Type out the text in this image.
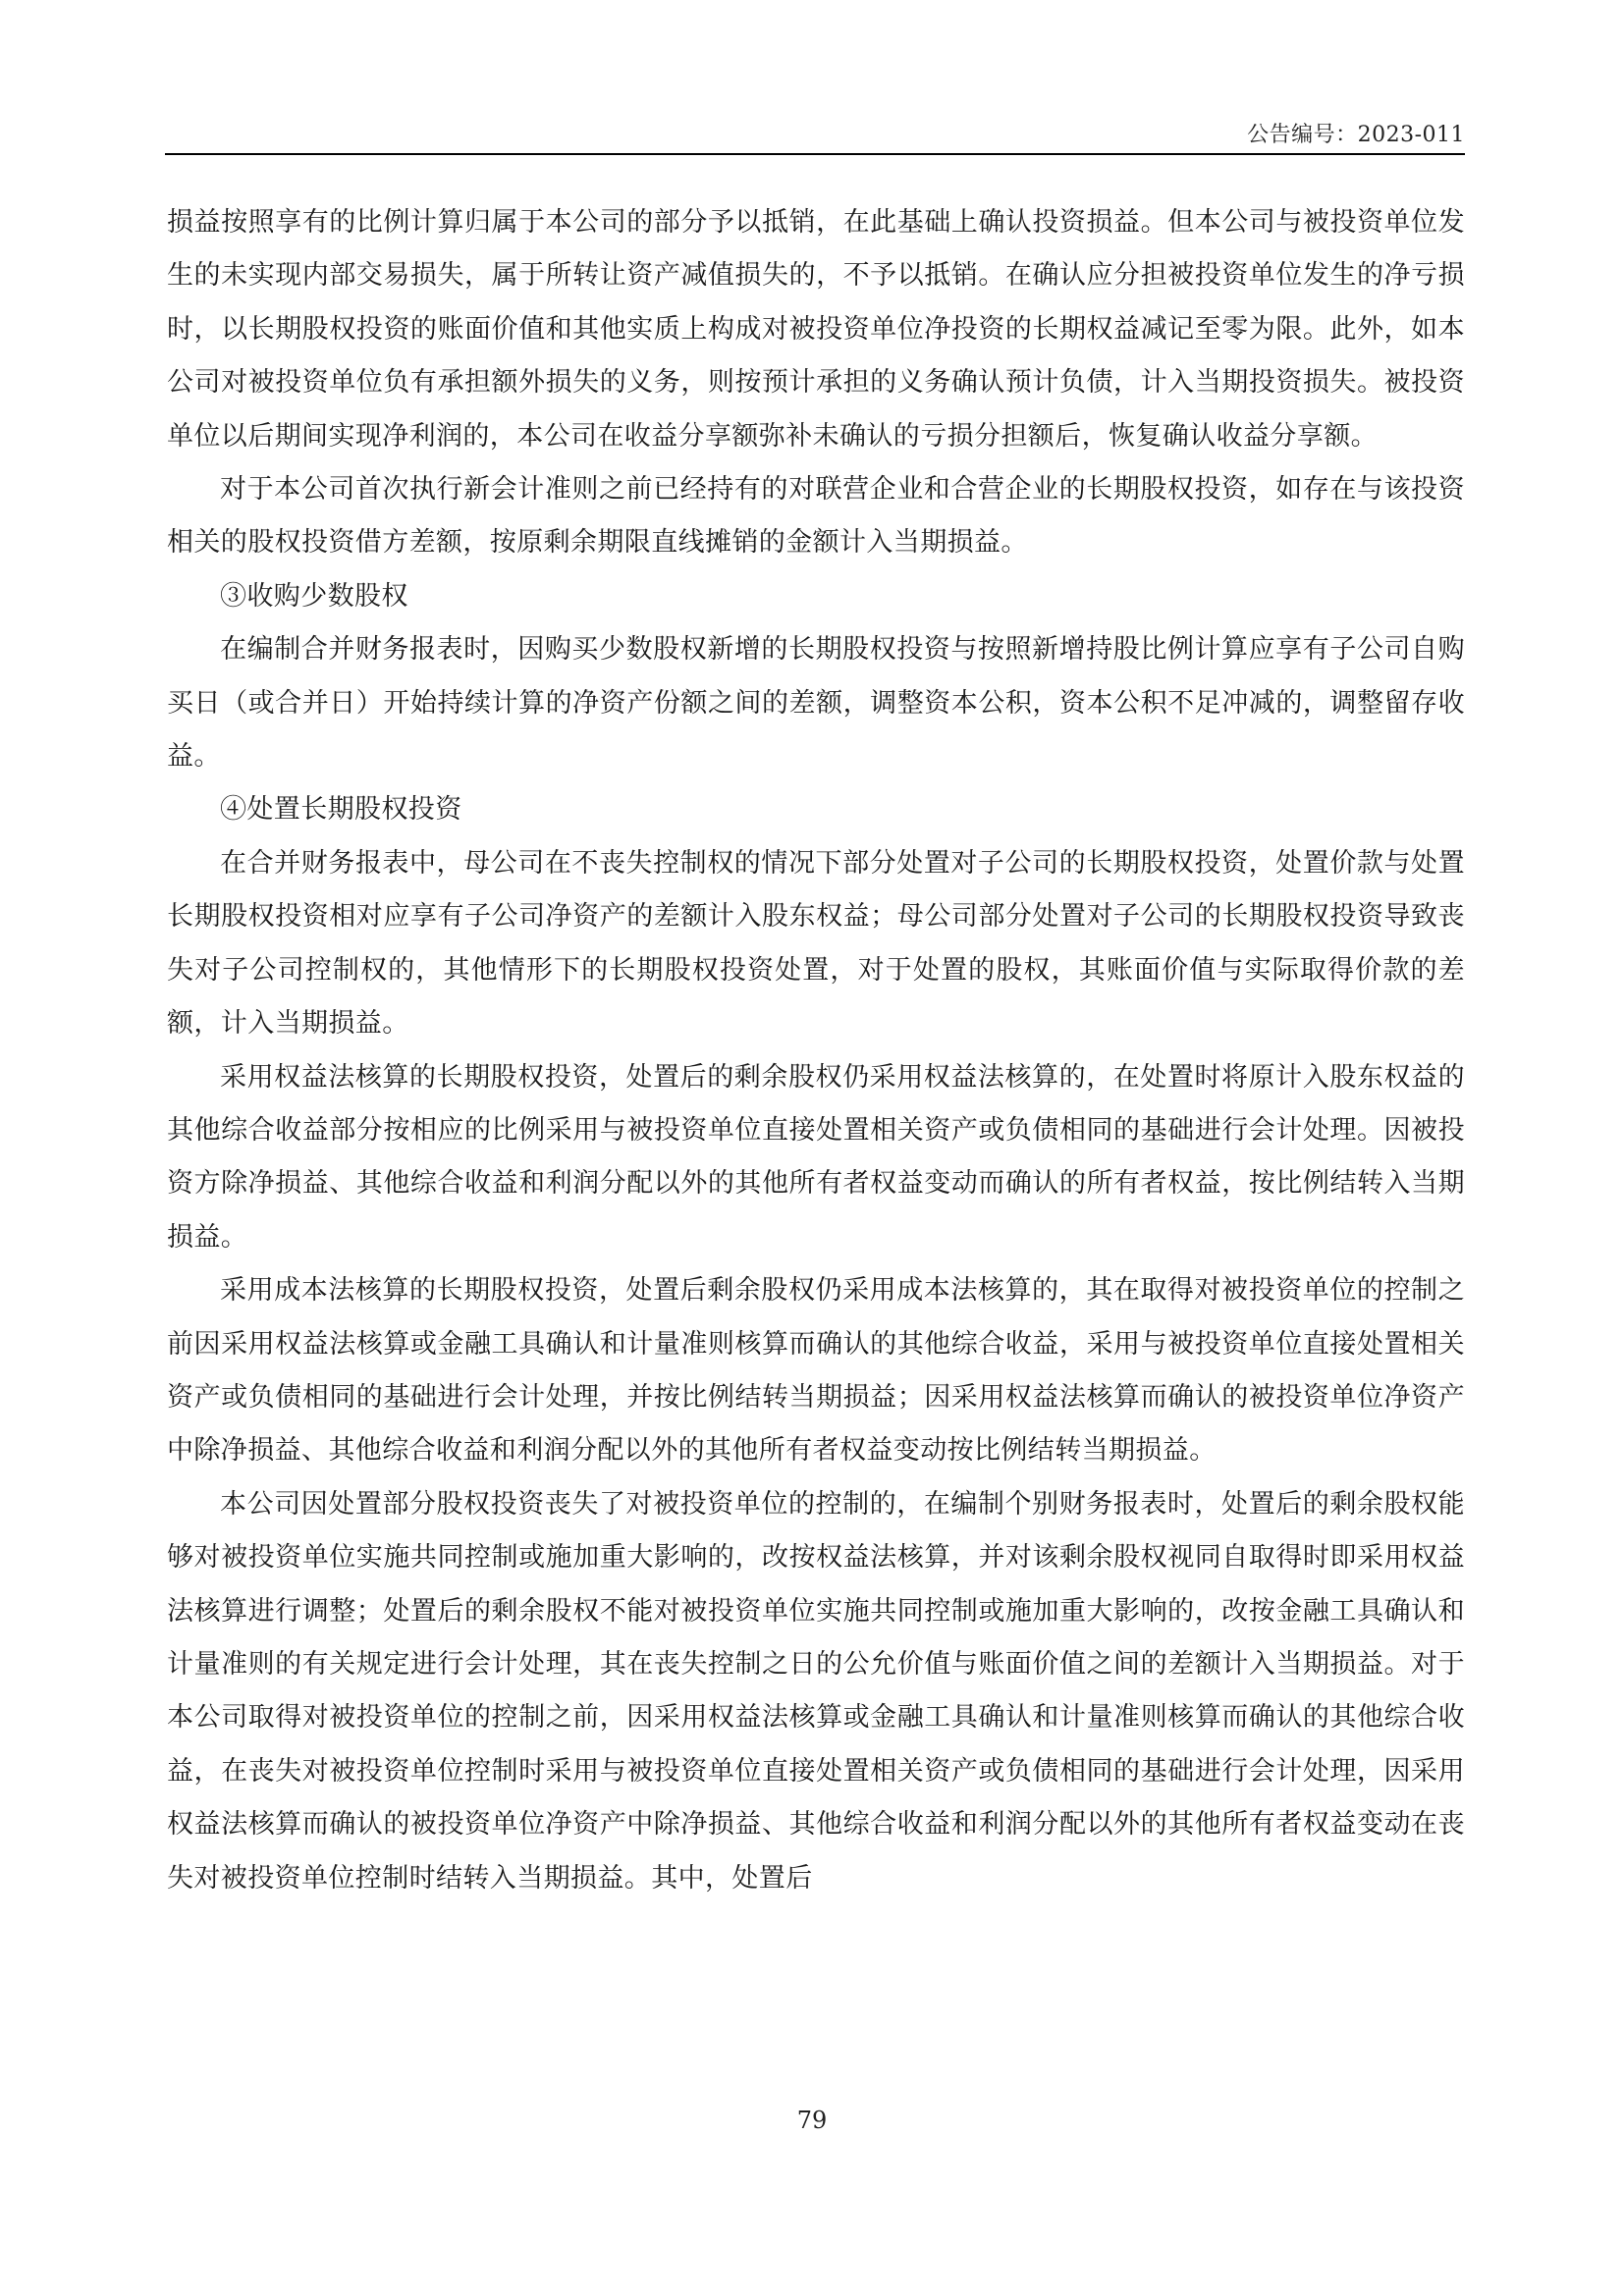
公告编号：2023-011

损益按照享有的比例计算归属于本公司的部分予以抵销，在此基础上确认投资损益。但本公司与被投资单位发生的未实现内部交易损失，属于所转让资产减值损失的，不予以抵销。在确认应分担被投资单位发生的净亏损时，以长期股权投资的账面价值和其他实质上构成对被投资单位净投资的长期权益减记至零为限。此外，如本公司对被投资单位负有承担额外损失的义务，则按预计承担的义务确认预计负债，计入当期投资损失。被投资单位以后期间实现净利润的，本公司在收益分享额弥补未确认的亏损分担额后，恢复确认收益分享额。

对于本公司首次执行新会计准则之前已经持有的对联营企业和合营企业的长期股权投资，如存在与该投资相关的股权投资借方差额，按原剩余期限直线摊销的金额计入当期损益。

③收购少数股权

在编制合并财务报表时，因购买少数股权新增的长期股权投资与按照新增持股比例计算应享有子公司自购买日（或合并日）开始持续计算的净资产份额之间的差额，调整资本公积，资本公积不足冲减的，调整留存收益。

④处置长期股权投资

在合并财务报表中，母公司在不丧失控制权的情况下部分处置对子公司的长期股权投资，处置价款与处置长期股权投资相对应享有子公司净资产的差额计入股东权益；母公司部分处置对子公司的长期股权投资导致丧失对子公司控制权的，其他情形下的长期股权投资处置，对于处置的股权，其账面价值与实际取得价款的差额，计入当期损益。

采用权益法核算的长期股权投资，处置后的剩余股权仍采用权益法核算的，在处置时将原计入股东权益的其他综合收益部分按相应的比例采用与被投资单位直接处置相关资产或负债相同的基础进行会计处理。因被投资方除净损益、其他综合收益和利润分配以外的其他所有者权益变动而确认的所有者权益，按比例结转入当期损益。

采用成本法核算的长期股权投资，处置后剩余股权仍采用成本法核算的，其在取得对被投资单位的控制之前因采用权益法核算或金融工具确认和计量准则核算而确认的其他综合收益，采用与被投资单位直接处置相关资产或负债相同的基础进行会计处理，并按比例结转当期损益；因采用权益法核算而确认的被投资单位净资产中除净损益、其他综合收益和利润分配以外的其他所有者权益变动按比例结转当期损益。

本公司因处置部分股权投资丧失了对被投资单位的控制的，在编制个别财务报表时，处置后的剩余股权能够对被投资单位实施共同控制或施加重大影响的，改按权益法核算，并对该剩余股权视同自取得时即采用权益法核算进行调整；处置后的剩余股权不能对被投资单位实施共同控制或施加重大影响的，改按金融工具确认和计量准则的有关规定进行会计处理，其在丧失控制之日的公允价值与账面价值之间的差额计入当期损益。对于本公司取得对被投资单位的控制之前，因采用权益法核算或金融工具确认和计量准则核算而确认的其他综合收益，在丧失对被投资单位控制时采用与被投资单位直接处置相关资产或负债相同的基础进行会计处理，因采用权益法核算而确认的被投资单位净资产中除净损益、其他综合收益和利润分配以外的其他所有者权益变动在丧失对被投资单位控制时结转入当期损益。其中，处置后

79
